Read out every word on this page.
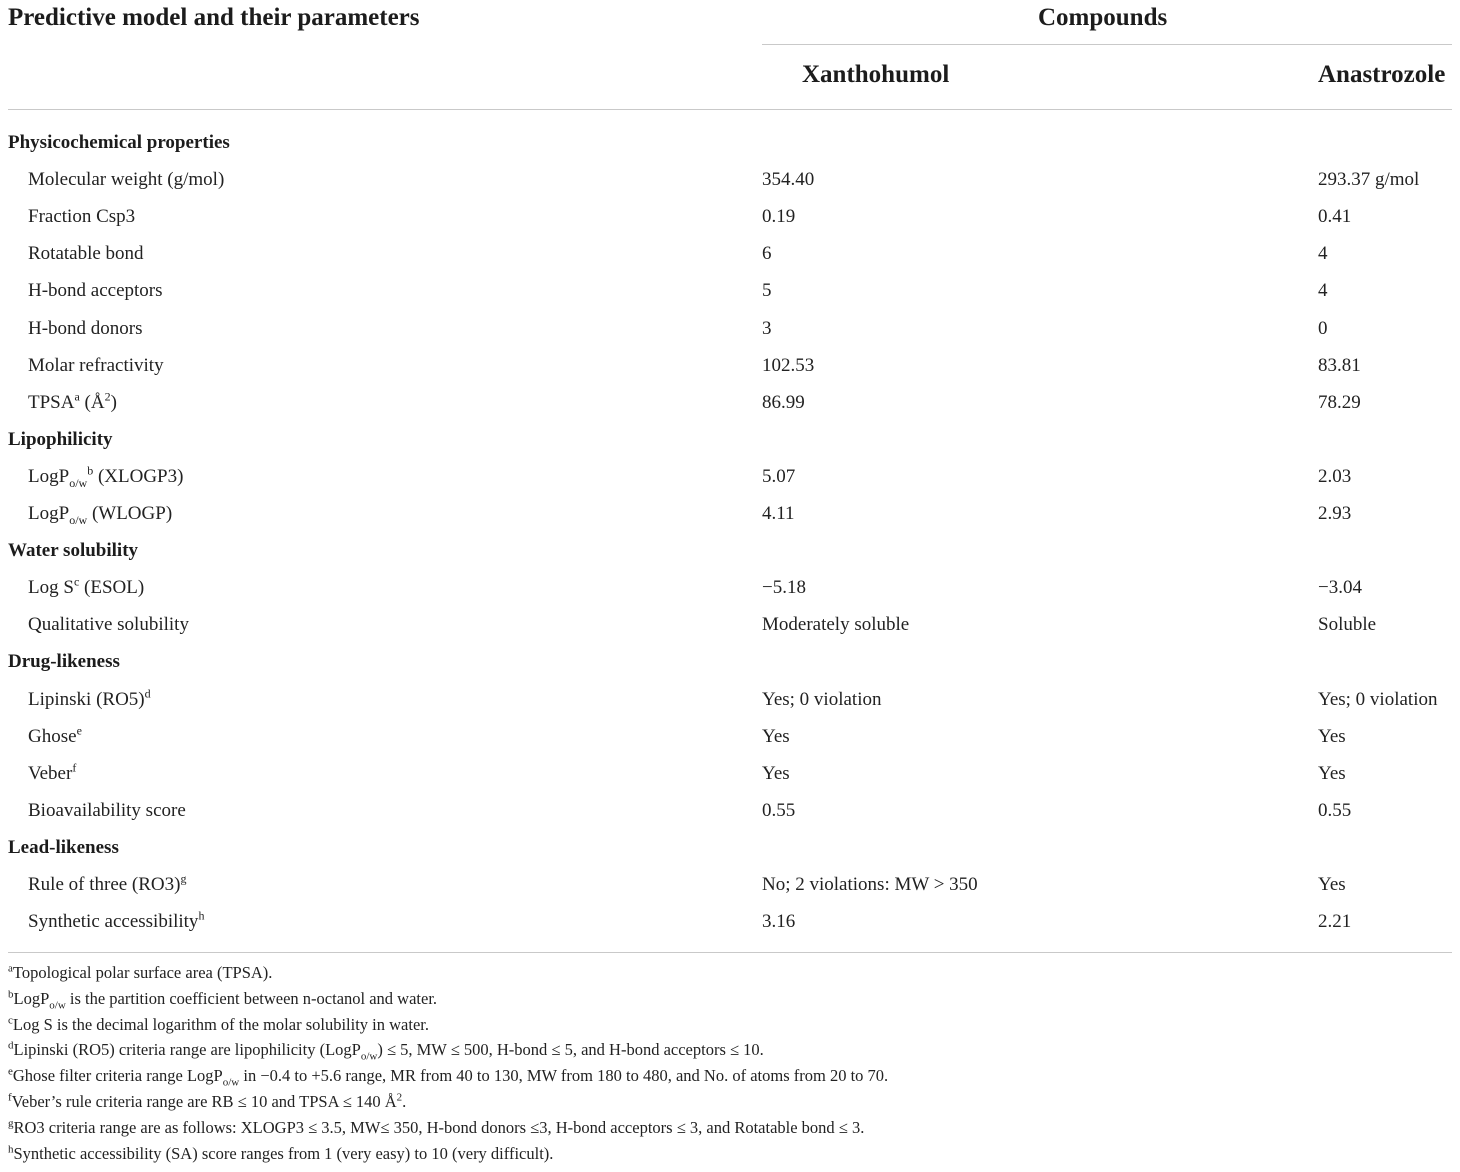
Predictive model and their parameters	Compounds
Xanthohumol	Anastrozole
Physicochemical properties
Molecular weight (g/mol)	354.40	293.37 g/mol
Fraction Csp3	0.19	0.41
Rotatable bond	6	4
H-bond acceptors	5	4
H-bond donors	3	0
Molar refractivity	102.53	83.81
TPSA$^a$ $(Å^2)$	86.99	78.29
Lipophilicity
LogP$_{o/w}^b$ (XLOGP3)	5.07	2.03
LogP$_{o/w}$ (WLOGP)	4.11	2.93
Water solubility
Log $S^c$ (ESOL)	−5.18	−3.04
Qualitative solubility	Moderately soluble	Soluble
Drug-likeness
Lipinski $(RO5)^d$	Yes; 0 violation	Yes; 0 violation
Ghose$^e$	Yes	Yes
Veber$^f$	Yes	Yes
Bioavailability score	0.55	0.55
Lead-likeness
Rule of three $(RO3)^g$	No; 2 violations: MW > 350	Yes
Synthetic accessibility$^h$	3.16	2.21
$^a$Topological polar surface area (TPSA).
$^b$LogP$_{o/w}$ is the partition coefficient between n-octanol and water.
$^c$Log S is the decimal logarithm of the molar solubility in water.
$^d$Lipinski (RO5) criteria range are lipophilicity (LogP$_{o/w}$) ≤ 5, MW ≤ 500, H-bond ≤ 5, and H-bond acceptors ≤ 10.
$^e$Ghose filter criteria range LogP$_{o/w}$ in −0.4 to +5.6 range, MR from 40 to 130, MW from 180 to 480, and No. of atoms from 20 to 70.
$^f$Veber’s rule criteria range are RB ≤ 10 and TPSA ≤ 140 $Å^2$.
$^g$RO3 criteria range are as follows: XLOGP3 ≤ 3.5, MW≤ 350, H-bond donors ≤3, H-bond acceptors ≤ 3, and Rotatable bond ≤ 3.
$^h$Synthetic accessibility (SA) score ranges from 1 (very easy) to 10 (very difficult).
